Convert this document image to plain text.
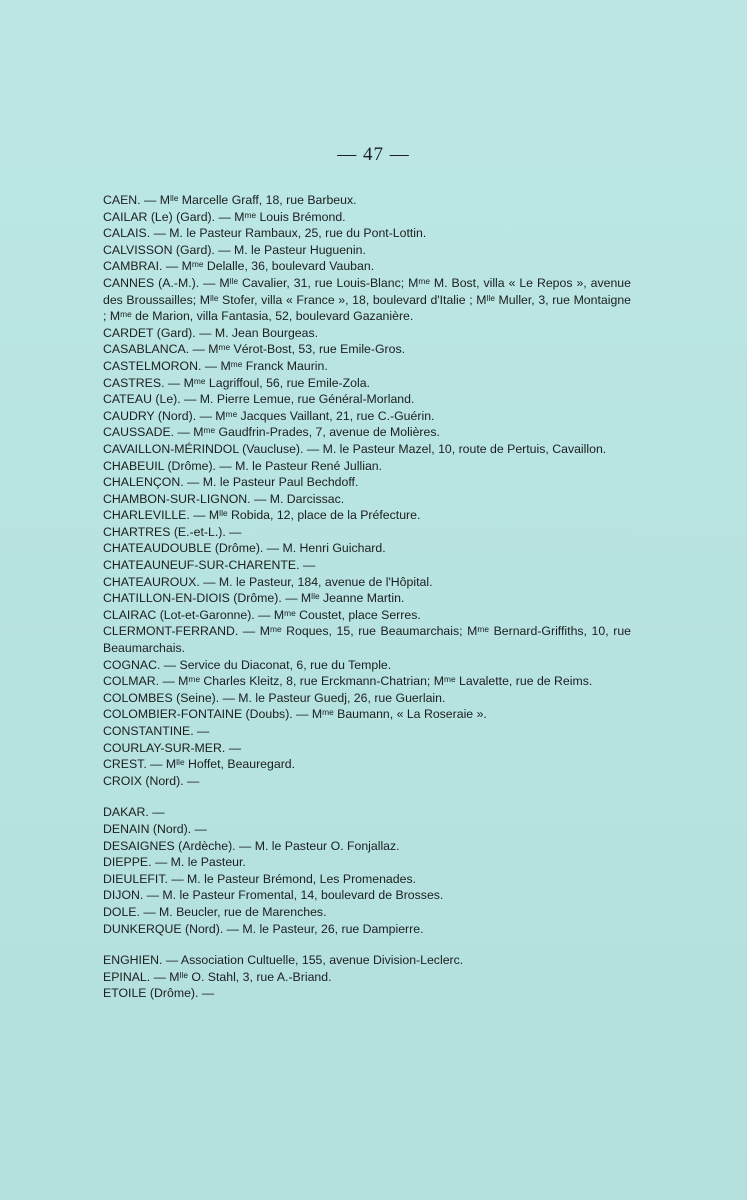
— 47 —

CAEN. — Mˡˡᵉ Marcelle Graff, 18, rue Barbeux.

CAILAR (Le) (Gard). — Mᵐᵉ Louis Brémond.

CALAIS. — M. le Pasteur Rambaux, 25, rue du Pont-Lottin.

CALVISSON (Gard). — M. le Pasteur Huguenin.

CAMBRAI. — Mᵐᵉ Delalle, 36, boulevard Vauban.

CANNES (A.-M.). — Mˡˡᵉ Cavalier, 31, rue Louis-Blanc; Mᵐᵉ M. Bost, villa « Le Repos », avenue des Broussailles; Mˡˡᵉ Stofer, villa « France », 18, boulevard d'Italie ; Mˡˡᵉ Muller, 3, rue Montaigne ; Mᵐᵉ de Marion, villa Fantasia, 52, boulevard Gazanière.

CARDET (Gard). — M. Jean Bourgeas.

CASABLANCA. — Mᵐᵉ Vérot-Bost, 53, rue Emile-Gros.

CASTELMORON. — Mᵐᵉ Franck Maurin.

CASTRES. — Mᵐᵉ Lagriffoul, 56, rue Emile-Zola.

CATEAU (Le). — M. Pierre Lemue, rue Général-Morland.

CAUDRY (Nord). — Mᵐᵉ Jacques Vaillant, 21, rue C.-Guérin.

CAUSSADE. — Mᵐᵉ Gaudfrin-Prades, 7, avenue de Molières.

CAVAILLON-MÉRINDOL (Vaucluse). — M. le Pasteur Mazel, 10, route de Pertuis, Cavaillon.

CHABEUIL (Drôme). — M. le Pasteur René Jullian.

CHALENÇON. — M. le Pasteur Paul Bechdoff.

CHAMBON-SUR-LIGNON. — M. Darcissac.

CHARLEVILLE. — Mˡˡᵉ Robida, 12, place de la Préfecture.

CHARTRES (E.-et-L.). —

CHATEAUDOUBLE (Drôme). — M. Henri Guichard.

CHATEAUNEUF-SUR-CHARENTE. —

CHATEAUROUX. — M. le Pasteur, 184, avenue de l'Hôpital.

CHATILLON-EN-DIOIS (Drôme). — Mˡˡᵉ Jeanne Martin.

CLAIRAC (Lot-et-Garonne). — Mᵐᵉ Coustet, place Serres.

CLERMONT-FERRAND. — Mᵐᵉ Roques, 15, rue Beaumarchais; Mᵐᵉ Bernard-Griffiths, 10, rue Beaumarchais.

COGNAC. — Service du Diaconat, 6, rue du Temple.

COLMAR. — Mᵐᵉ Charles Kleitz, 8, rue Erckmann-Chatrian; Mᵐᵉ Lavalette, rue de Reims.

COLOMBES (Seine). — M. le Pasteur Guedj, 26, rue Guerlain.

COLOMBIER-FONTAINE (Doubs). — Mᵐᵉ Baumann, « La Roseraie ».

CONSTANTINE. —

COURLAY-SUR-MER. —

CREST. — Mˡˡᵉ Hoffet, Beauregard.

CROIX (Nord). —

DAKAR. —

DENAIN (Nord). —

DESAIGNES (Ardèche). — M. le Pasteur O. Fonjallaz.

DIEPPE. — M. le Pasteur.

DIEULEFIT. — M. le Pasteur Brémond, Les Promenades.

DIJON. — M. le Pasteur Fromental, 14, boulevard de Brosses.

DOLE. — M. Beucler, rue de Marenches.

DUNKERQUE (Nord). — M. le Pasteur, 26, rue Dampierre.

ENGHIEN. — Association Cultuelle, 155, avenue Division-Leclerc.

EPINAL. — Mˡˡᵉ O. Stahl, 3, rue A.-Briand.

ETOILE (Drôme). —
